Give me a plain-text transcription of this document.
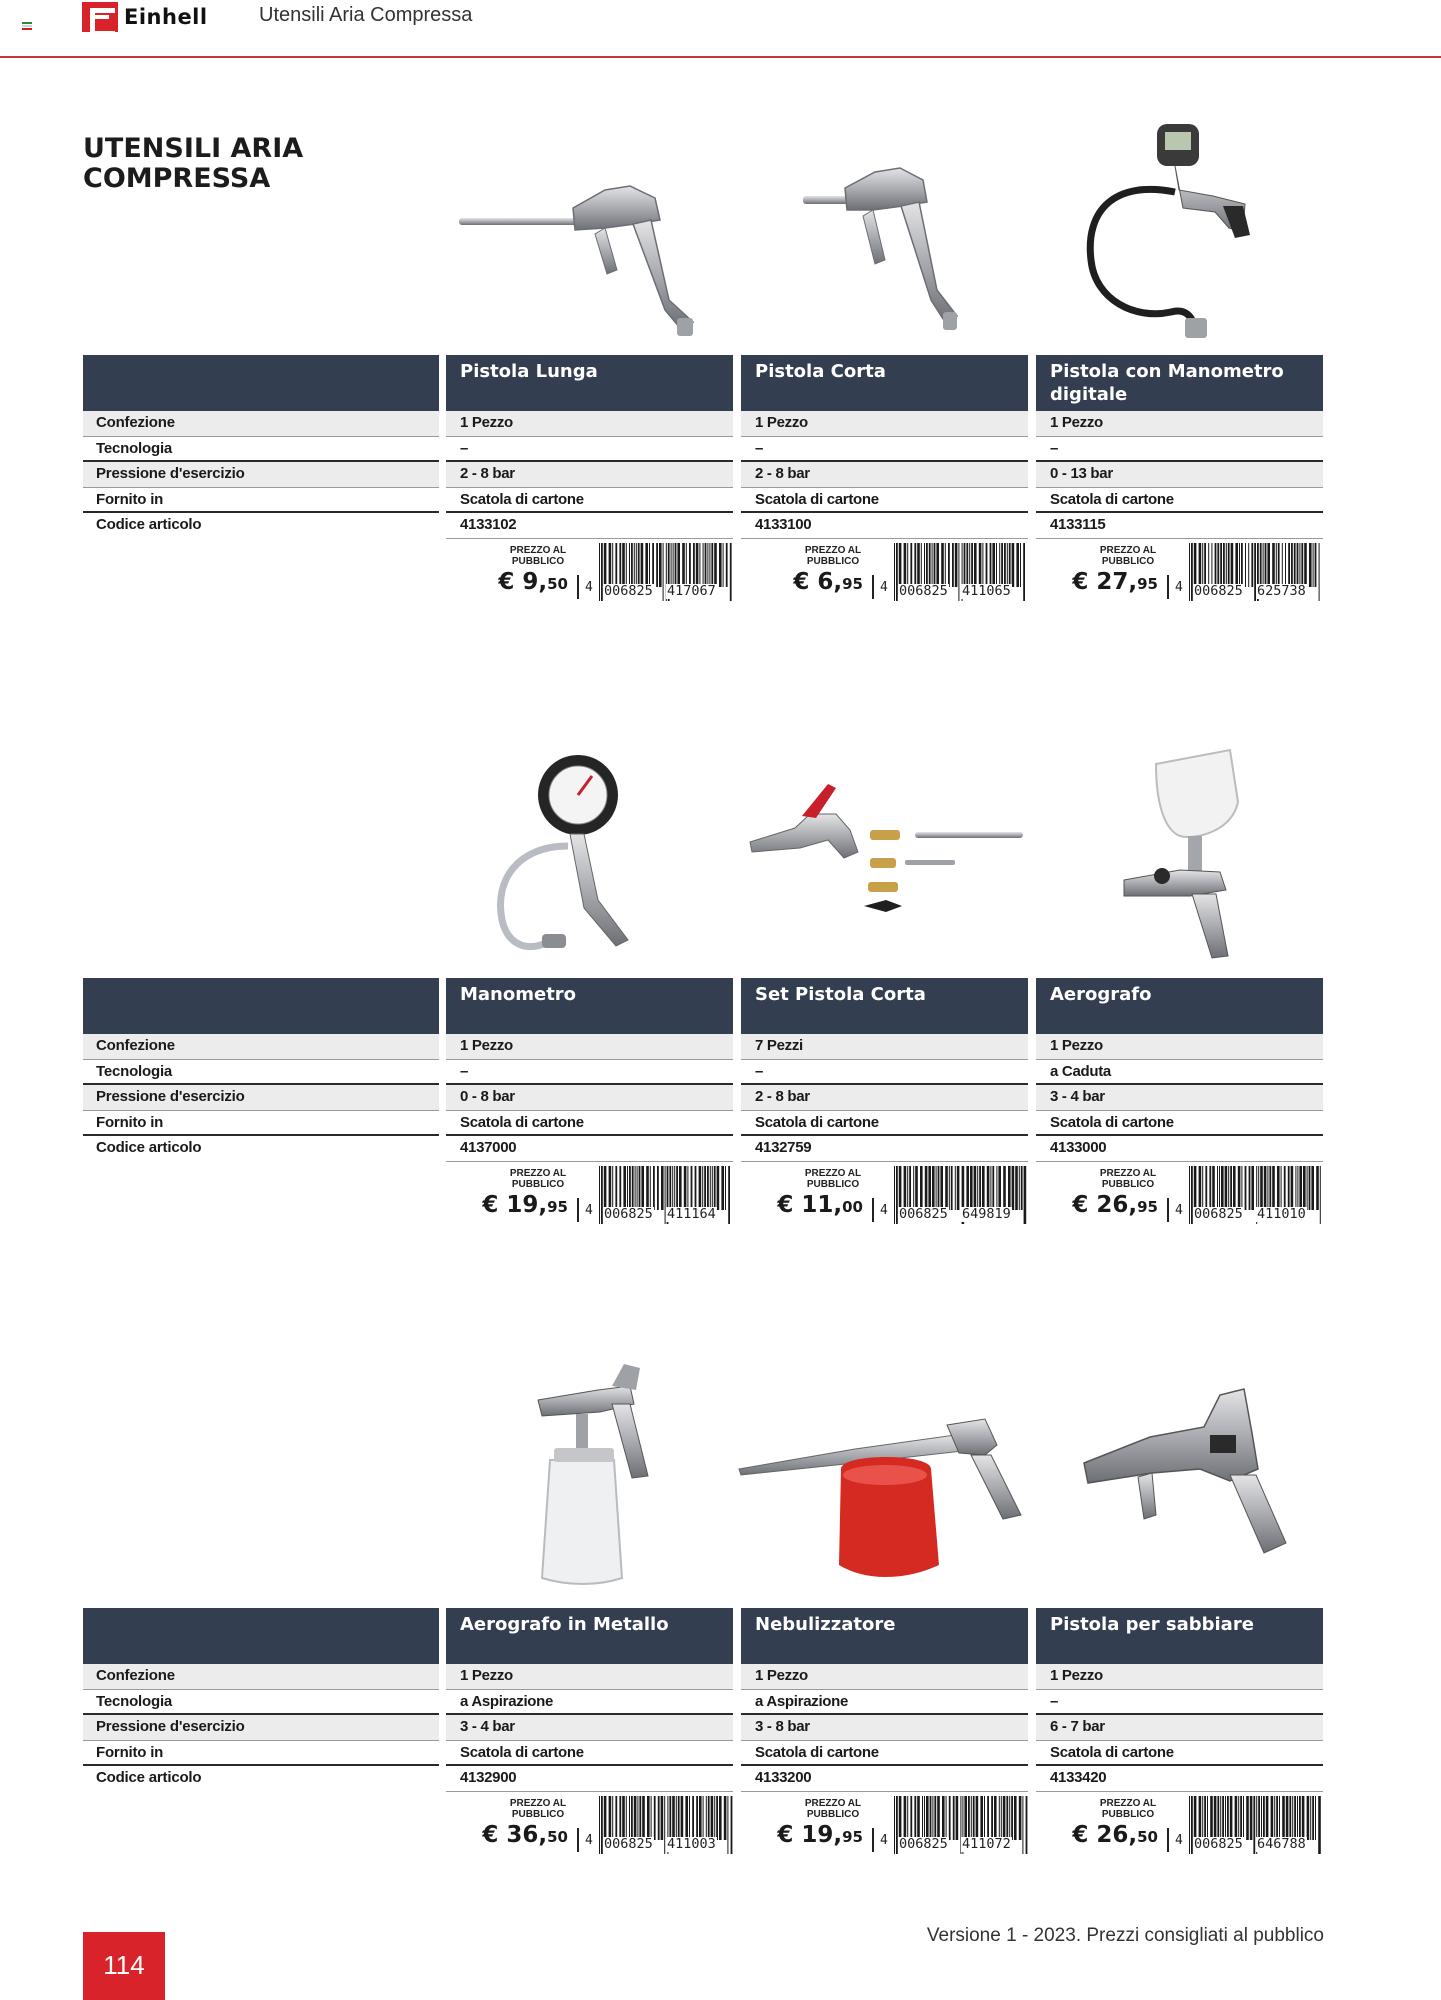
Einhell	Utensili Aria Compressa
UTENSILI ARIA COMPRESSA
Confezione
Tecnologia
Pressione d'esercizio
Fornito in
Codice articolo
Confezione
Tecnologia
Pressione d'esercizio
Fornito in
Codice articolo
Confezione
Tecnologia
Pressione d'esercizio
Fornito in
Codice articolo
Pistola Lunga
1 Pezzo
–
2 - 8 bar
Scatola di cartone
4133102
PREZZO AL
PUBBLICO
€ 9,50 4 006825 417067
Pistola Corta
1 Pezzo
–
2 - 8 bar
Scatola di cartone
4133100
PREZZO AL
PUBBLICO
€ 6,95 4 006825 411065
Pistola con Manometro digitale
1 Pezzo
–
0 - 13 bar
Scatola di cartone
4133115
PREZZO AL
PUBBLICO
€ 27,95 4 006825 625738
Manometro
1 Pezzo
–
0 - 8 bar
Scatola di cartone
4137000
PREZZO AL
PUBBLICO
€ 19,95 4 006825 411164
Set Pistola Corta
7 Pezzi
–
2 - 8 bar
Scatola di cartone
4132759
PREZZO AL
PUBBLICO
€ 11,00 4 006825 649819
Aerografo
1 Pezzo
a Caduta
3 - 4 bar
Scatola di cartone
4133000
PREZZO AL
PUBBLICO
€ 26,95 4 006825 411010
Aerografo in Metallo
1 Pezzo
a Aspirazione
3 - 4 bar
Scatola di cartone
4132900
PREZZO AL
PUBBLICO
€ 36,50 4 006825 411003
Nebulizzatore
1 Pezzo
a Aspirazione
3 - 8 bar
Scatola di cartone
4133200
PREZZO AL
PUBBLICO
€ 19,95 4 006825 411072
Pistola per sabbiare
1 Pezzo
–
6 - 7 bar
Scatola di cartone
4133420
PREZZO AL
PUBBLICO
€ 26,50 4 006825 646788
Versione 1 - 2023. Prezzi consigliati al pubblico
114
